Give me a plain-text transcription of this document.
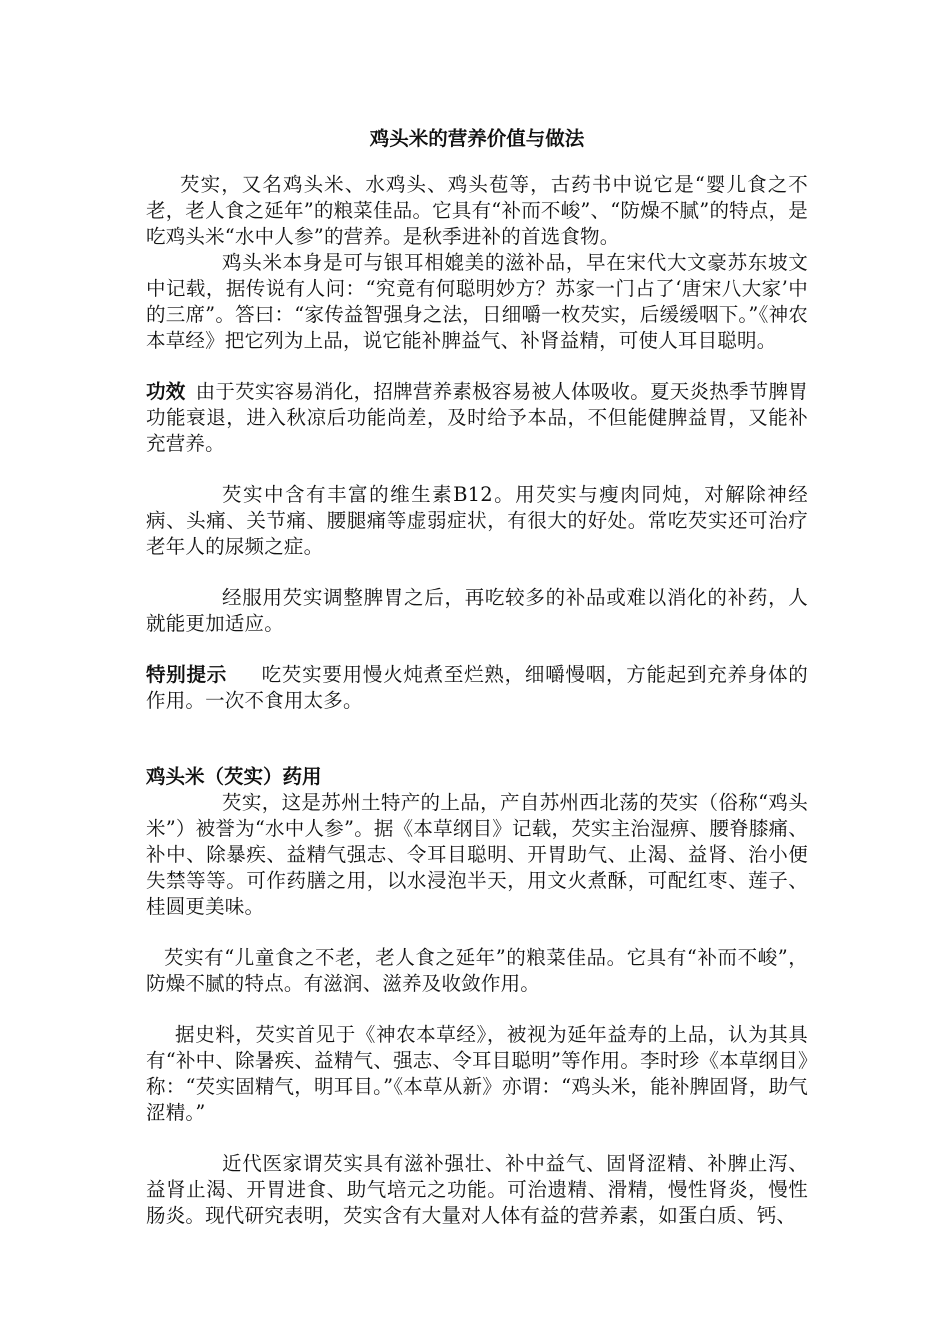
鸡头米的营养价值与做法

芡实，又名鸡头米、水鸡头、鸡头苞等，古药书中说它是“婴儿食之不老，老人食之延年”的粮菜佳品。它具有“补而不峻”、“防燥不腻”的特点，是吃鸡头米“水中人参”的营养。是秋季进补的首选食物。

鸡头米本身是可与银耳相媲美的滋补品，早在宋代大文豪苏东坡文中记载，据传说有人问：“究竟有何聪明妙方？苏家一门占了‘唐宋八大家’中的三席”。答曰：“家传益智强身之法，日细嚼一枚芡实，后缓缓咽下。”《神农本草经》把它列为上品，说它能补脾益气、补肾益精，可使人耳目聪明。

功效 由于芡实容易消化，招牌营养素极容易被人体吸收。夏天炎热季节脾胃功能衰退，进入秋凉后功能尚差，及时给予本品，不但能健脾益胃，又能补充营养。

芡实中含有丰富的维生素B12。用芡实与瘦肉同炖，对解除神经病、头痛、关节痛、腰腿痛等虚弱症状，有很大的好处。常吃芡实还可治疗老年人的尿频之症。

经服用芡实调整脾胃之后，再吃较多的补品或难以消化的补药，人就能更加适应。

特别提示 吃芡实要用慢火炖煮至烂熟，细嚼慢咽，方能起到充养身体的作用。一次不食用太多。

鸡头米（芡实）药用

芡实，这是苏州土特产的上品，产自苏州西北荡的芡实（俗称“鸡头米”）被誉为“水中人参”。据《本草纲目》记载，芡实主治湿痹、腰脊膝痛、补中、除暴疾、益精气强志、令耳目聪明、开胃助气、止渴、益肾、治小便失禁等等。可作药膳之用，以水浸泡半天，用文火煮酥，可配红枣、莲子、桂圆更美味。

芡实有“儿童食之不老，老人食之延年”的粮菜佳品。它具有“补而不峻”，防燥不腻的特点。有滋润、滋养及收敛作用。

据史料，芡实首见于《神农本草经》，被视为延年益寿的上品，认为其具有“补中、除暑疾、益精气、强志、令耳目聪明”等作用。李时珍《本草纲目》称：“芡实固精气，明耳目。”《本草从新》亦谓：“鸡头米，能补脾固肾，助气涩精。”

近代医家谓芡实具有滋补强壮、补中益气、固肾涩精、补脾止泻、益肾止渴、开胃进食、助气培元之功能。可治遗精、滑精，慢性肾炎，慢性肠炎。现代研究表明，芡实含有大量对人体有益的营养素，如蛋白质、钙、
